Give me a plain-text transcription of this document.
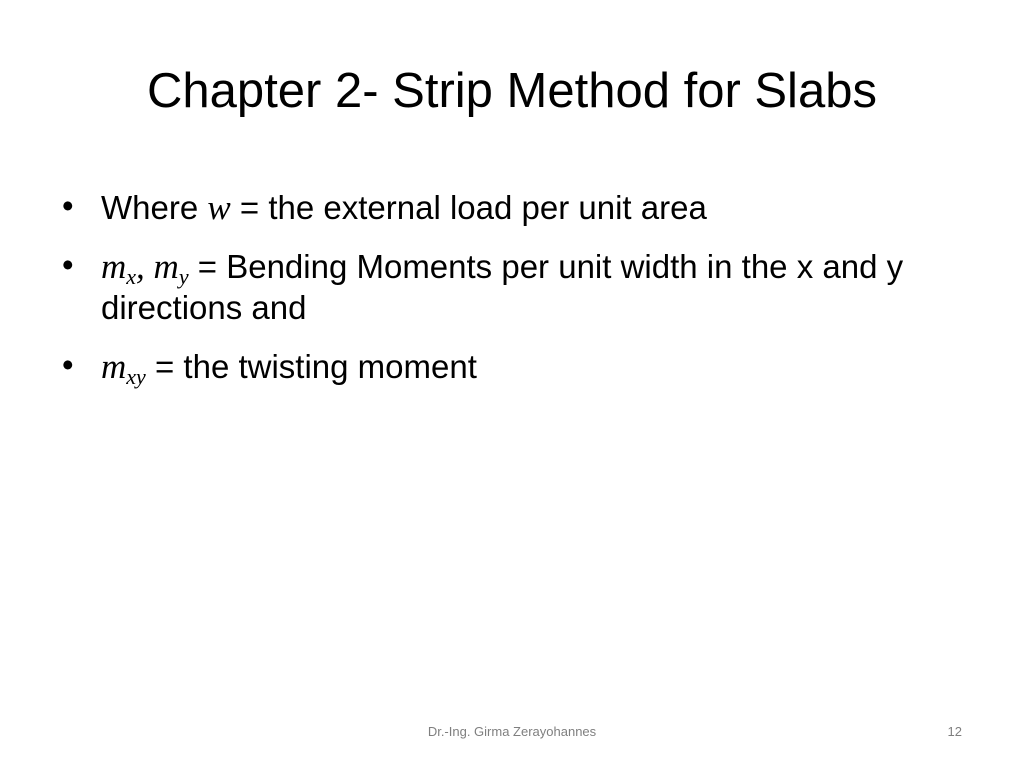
Chapter 2- Strip Method for Slabs
• Where w = the external load per unit area
• $m_x$, $m_y$ = Bending Moments per unit width in the x and y directions and
• $m_{xy}$ = the twisting moment
Dr.-Ing. Girma Zerayohannes	12
